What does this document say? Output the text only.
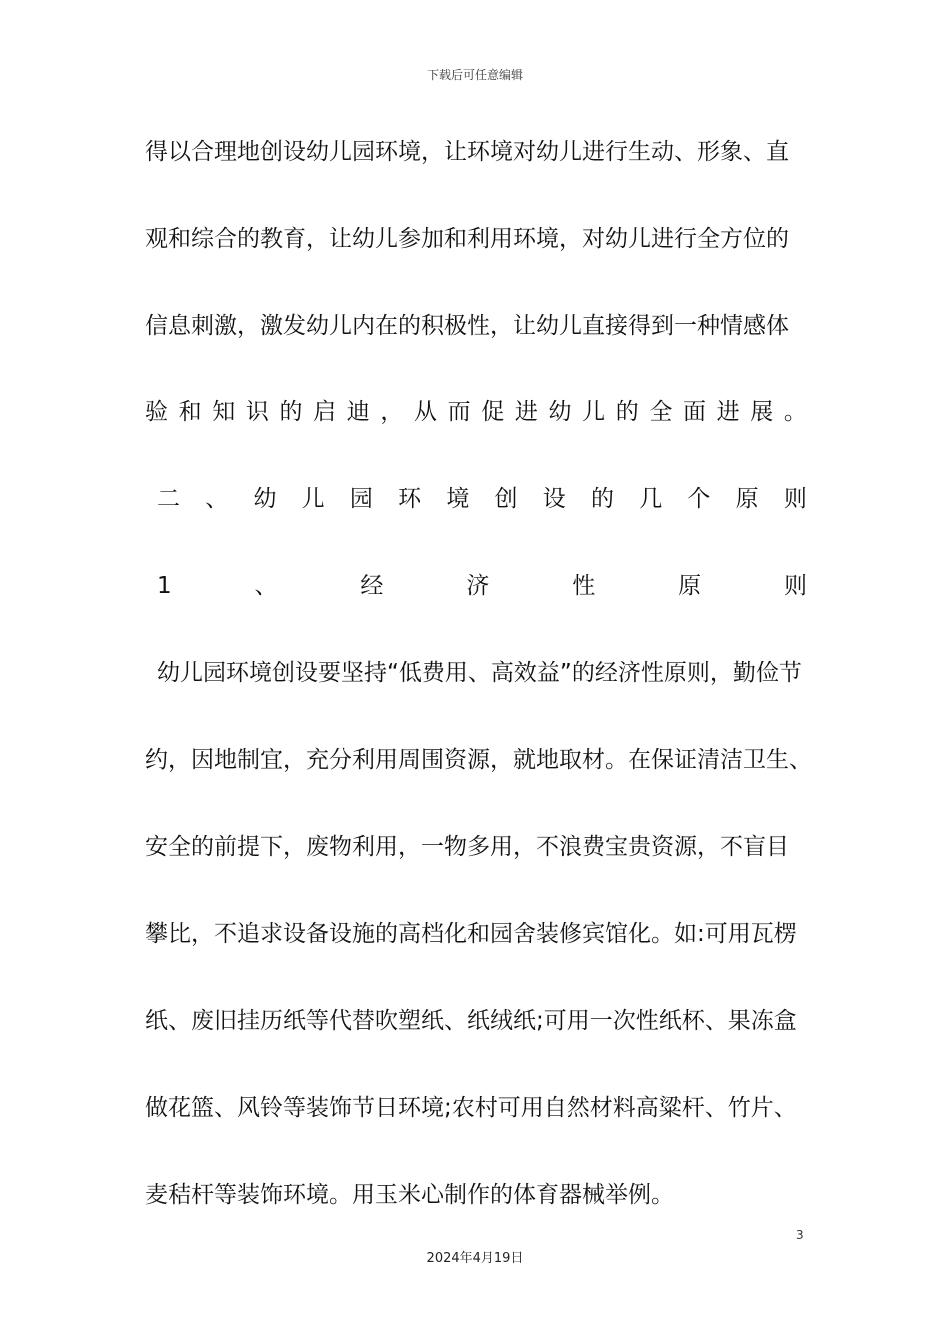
下载后可任意编辑
得以合理地创设幼儿园环境，让环境对幼儿进行生动、形象、直
观和综合的教育，让幼儿参加和利用环境，对幼儿进行全方位的
信息刺激，激发幼儿内在的积极性，让幼儿直接得到一种情感体
验 和 知 识 的 启 迪 ， 从 而 促 进 幼 儿 的 全 面 进 展 。
二 、 幼 儿 园 环 境 创 设 的 几 个 原 则
1	、	经	济	性	原	则
幼儿园环境创设要坚持“低费用、高效益”的经济性原则，勤俭节
约，因地制宜，充分利用周围资源，就地取材。在保证清洁卫生、
安全的前提下，废物利用，一物多用，不浪费宝贵资源，不盲目
攀比，不追求设备设施的高档化和园舍装修宾馆化。如:可用瓦楞
纸、废旧挂历纸等代替吹塑纸、纸绒纸;可用一次性纸杯、果冻盒
做花篮、风铃等装饰节日环境;农村可用自然材料高粱杆、竹片、
麦秸杆等装饰环境。用玉米心制作的体育器械举例。
3
2024年4月19日
